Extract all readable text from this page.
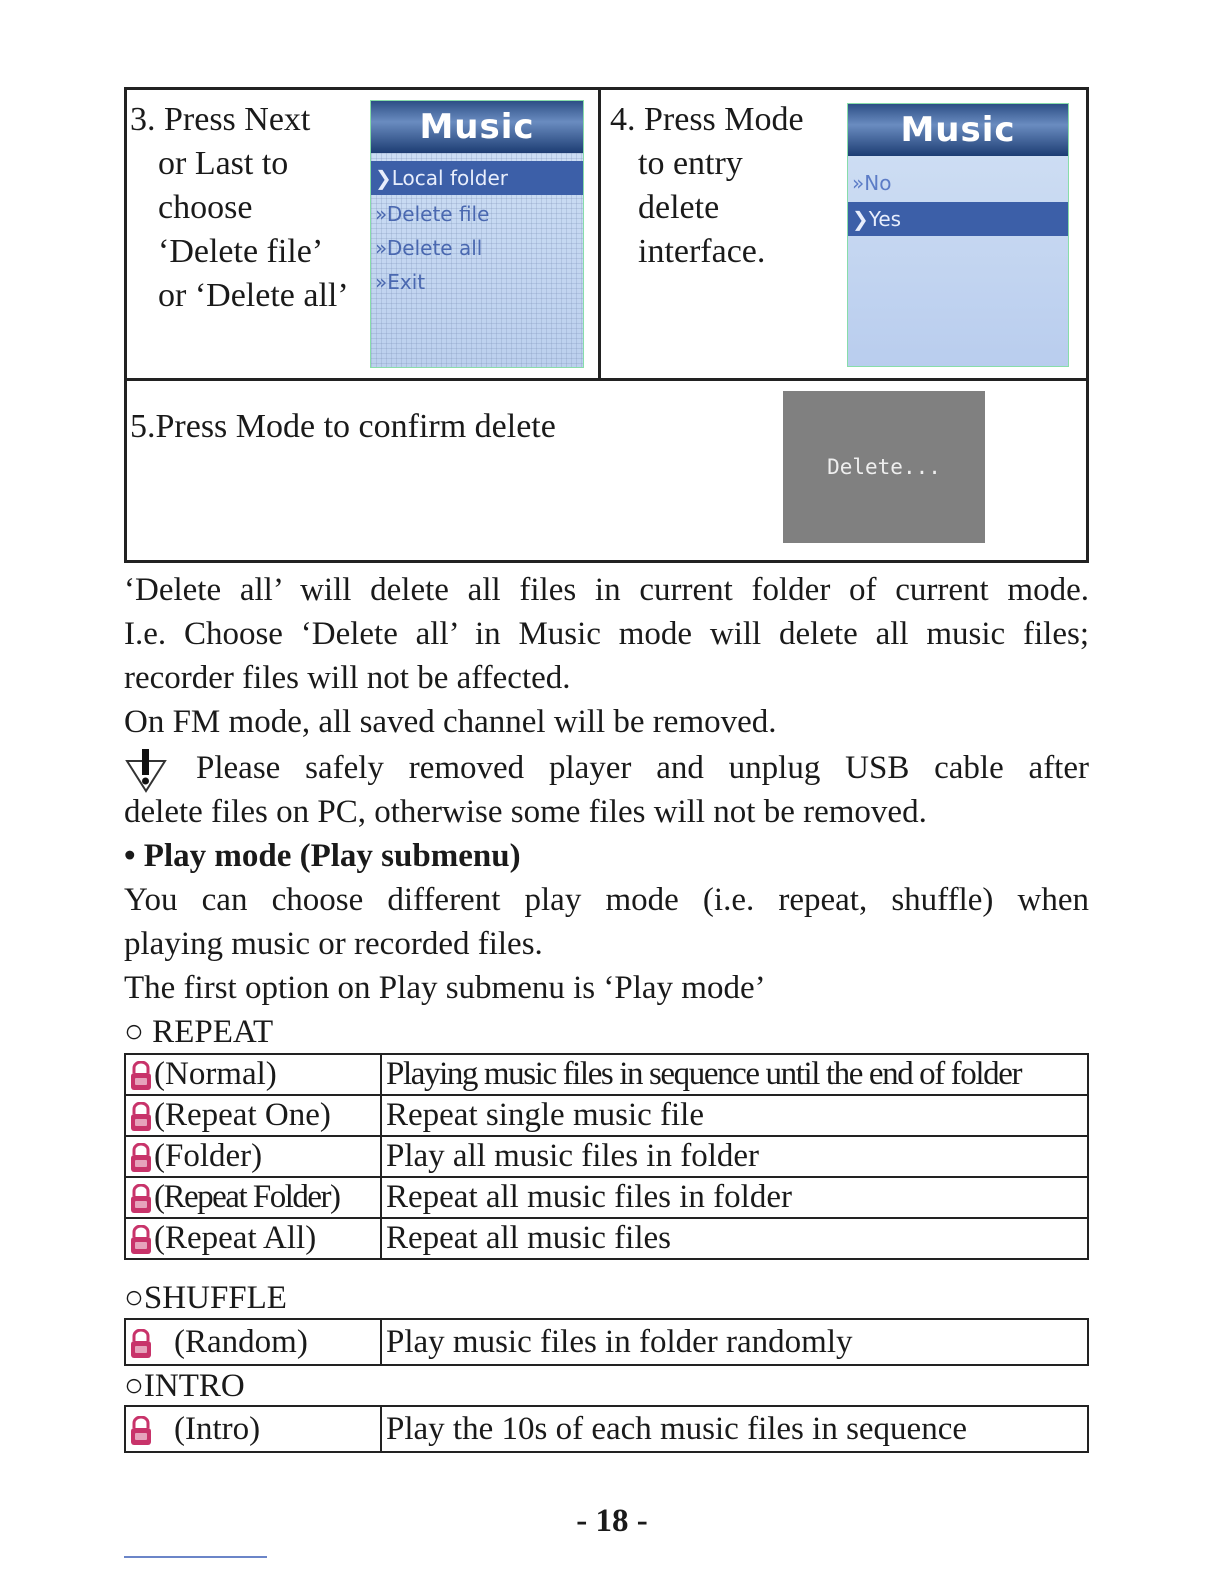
3. Press Next
or Last to
choose
‘Delete file’
or ‘Delete all’
Music
❯Local folder
»Delete file
»Delete all
»Exit
4. Press Mode
to entry
delete
interface.
Music
»No
❯Yes
5.Press Mode to confirm delete
Delete...
‘Delete all’ will delete all files in current folder of current mode.
I.e. Choose ‘Delete all’ in Music mode will delete all music files;
recorder files will not be affected.
On FM mode, all saved channel will be removed.
Please safely removed player and unplug USB cable after
delete files on PC, otherwise some files will not be removed.
• Play mode (Play submenu)
You can choose different play mode (i.e. repeat, shuffle) when
playing music or recorded files.
The first option on Play submenu is ‘Play mode’
○ REPEAT
(Normal)	Playing music files in sequence until the end of folder
(Repeat One)	Repeat single music file
(Folder)	Play all music files in folder
(Repeat Folder)	Repeat all music files in folder
(Repeat All)	Repeat all music files
○SHUFFLE
(Random)	Play music files in folder randomly
○INTRO
(Intro)	Play the 10s of each music files in sequence
- 18 -
